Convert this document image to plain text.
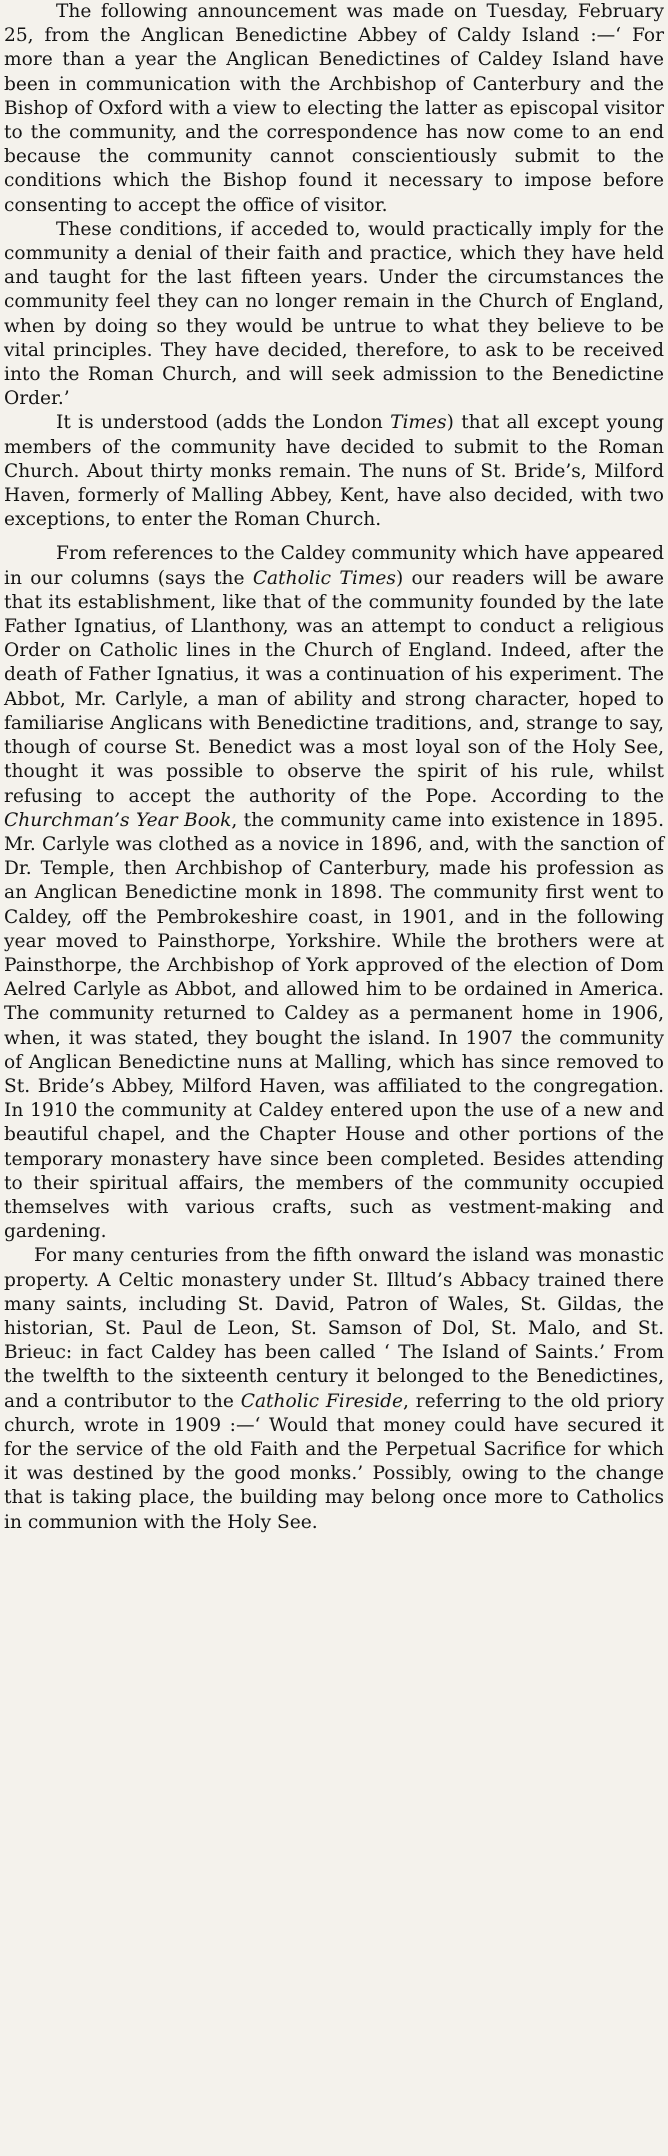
The following announcement was made on Tuesday, February 25, from the Anglican Benedictine Abbey of Caldy Island :—‘ For more than a year the Anglican Benedictines of Caldey Island have been in communication with the Archbishop of Canterbury and the Bishop of Oxford with a view to electing the latter as episcopal visitor to the community, and the correspondence has now come to an end because the community cannot conscientiously submit to the conditions which the Bishop found it necessary to impose before consenting to accept the office of visitor.

These conditions, if acceded to, would practically imply for the community a denial of their faith and practice, which they have held and taught for the last fifteen years. Under the circumstances the community feel they can no longer remain in the Church of England, when by doing so they would be untrue to what they believe to be vital principles. They have decided, therefore, to ask to be received into the Roman Church, and will seek admission to the Benedictine Order.’

It is understood (adds the London Times) that all except young members of the community have decided to submit to the Roman Church. About thirty monks remain. The nuns of St. Bride’s, Milford Haven, formerly of Malling Abbey, Kent, have also decided, with two exceptions, to enter the Roman Church.

From references to the Caldey community which have appeared in our columns (says the Catholic Times) our readers will be aware that its establishment, like that of the community founded by the late Father Ignatius, of Llanthony, was an attempt to conduct a religious Order on Catholic lines in the Church of England. Indeed, after the death of Father Ignatius, it was a continuation of his experiment. The Abbot, Mr. Carlyle, a man of ability and strong character, hoped to familiarise Anglicans with Benedictine traditions, and, strange to say, though of course St. Benedict was a most loyal son of the Holy See, thought it was possible to observe the spirit of his rule, whilst refusing to accept the authority of the Pope. According to the Churchman’s Year Book, the community came into existence in 1895. Mr. Carlyle was clothed as a novice in 1896, and, with the sanction of Dr. Temple, then Archbishop of Canterbury, made his profession as an Anglican Benedictine monk in 1898. The community first went to Caldey, off the Pembrokeshire coast, in 1901, and in the following year moved to Painsthorpe, Yorkshire. While the brothers were at Painsthorpe, the Archbishop of York approved of the election of Dom Aelred Carlyle as Abbot, and allowed him to be ordained in America. The community returned to Caldey as a permanent home in 1906, when, it was stated, they bought the island. In 1907 the community of Anglican Benedictine nuns at Malling, which has since removed to St. Bride’s Abbey, Milford Haven, was affiliated to the congregation. In 1910 the community at Caldey entered upon the use of a new and beautiful chapel, and the Chapter House and other portions of the temporary monastery have since been completed. Besides attending to their spiritual affairs, the members of the community occupied themselves with various crafts, such as vestment-making and gardening.

For many centuries from the fifth onward the island was monastic property. A Celtic monastery under St. Illtud’s Abbacy trained there many saints, including St. David, Patron of Wales, St. Gildas, the historian, St. Paul de Leon, St. Samson of Dol, St. Malo, and St. Brieuc: in fact Caldey has been called ‘ The Island of Saints.’ From the twelfth to the sixteenth century it belonged to the Benedictines, and a contributor to the Catholic Fireside, referring to the old priory church, wrote in 1909 :—‘ Would that money could have secured it for the service of the old Faith and the Perpetual Sacrifice for which it was destined by the good monks.’ Possibly, owing to the change that is taking place, the building may belong once more to Catholics in communion with the Holy See.
